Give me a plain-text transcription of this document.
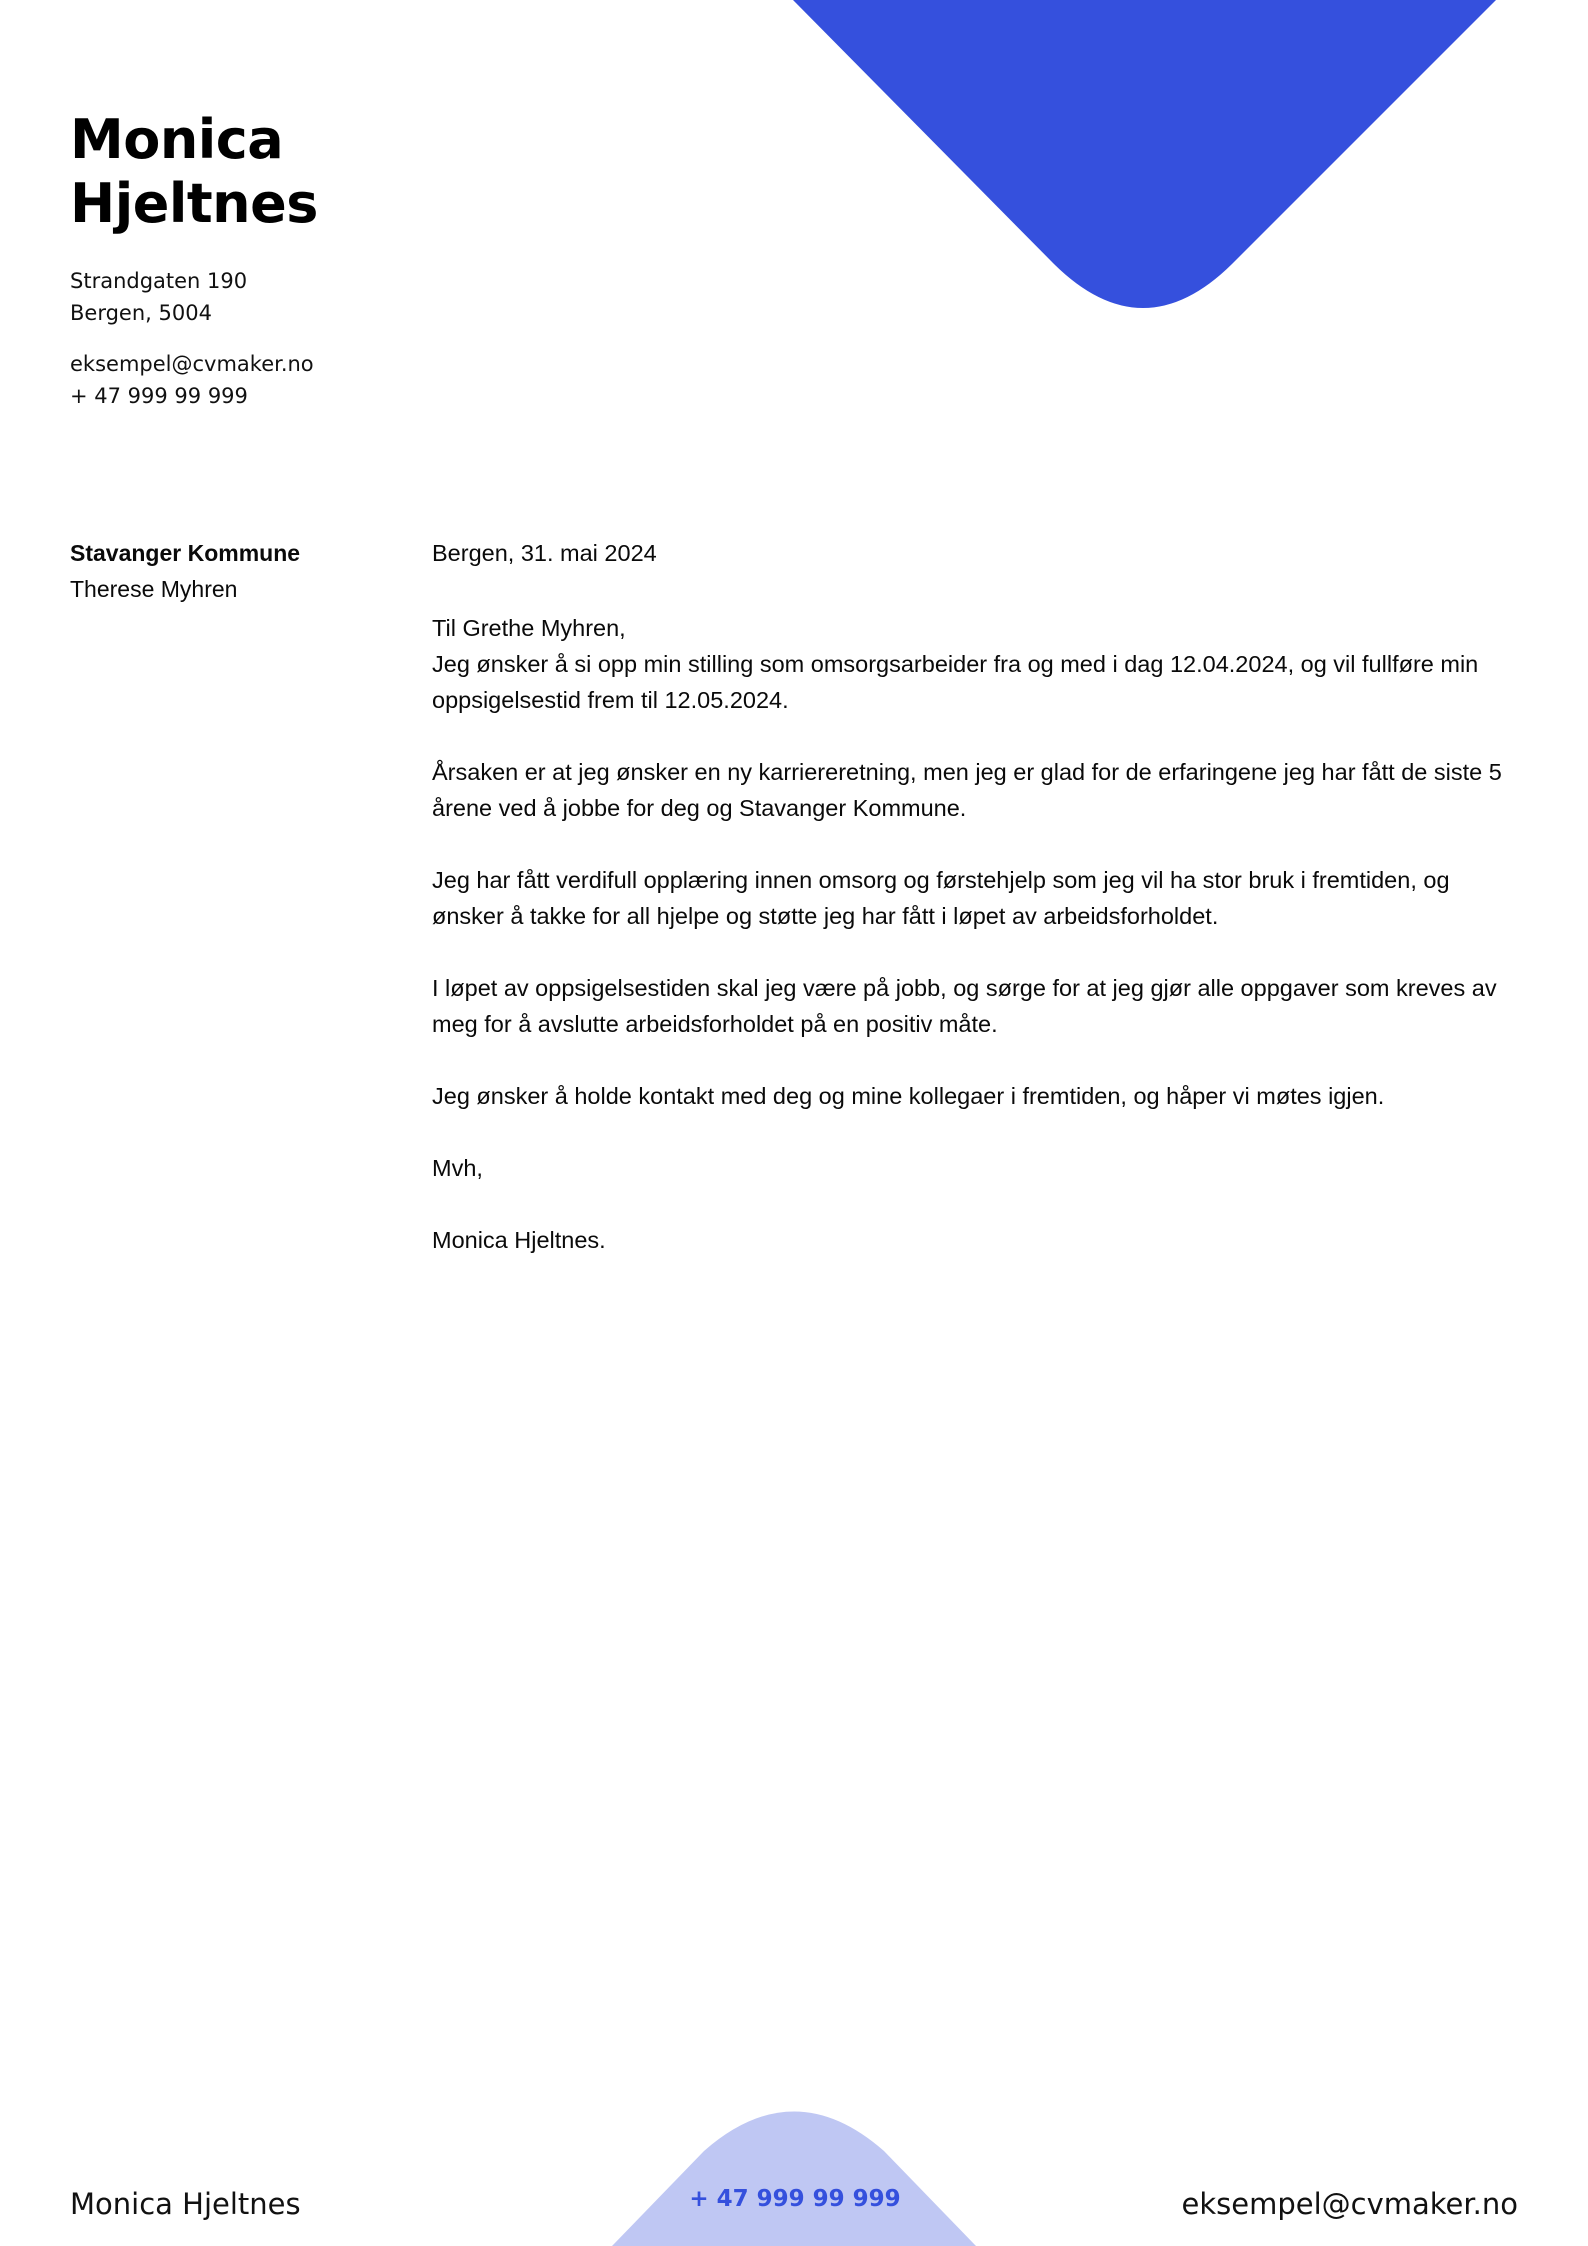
Monica
Hjeltnes
Strandgaten 190
Bergen, 5004
eksempel@cvmaker.no
+ 47 999 99 999
Stavanger Kommune
Therese Myhren

Bergen, 31. mai 2024

Til Grethe Myhren,

Jeg ønsker å si opp min stilling som omsorgsarbeider fra og med i dag 12.04.2024, og vil fullføre min oppsigelsestid frem til 12.05.2024.

Årsaken er at jeg ønsker en ny karriereretning, men jeg er glad for de erfaringene jeg har fått de siste 5 årene ved å jobbe for deg og Stavanger Kommune.

Jeg har fått verdifull opplæring innen omsorg og førstehjelp som jeg vil ha stor bruk i fremtiden, og ønsker å takke for all hjelpe og støtte jeg har fått i løpet av arbeidsforholdet.

I løpet av oppsigelsestiden skal jeg være på jobb, og sørge for at jeg gjør alle oppgaver som kreves av meg for å avslutte arbeidsforholdet på en positiv måte.

Jeg ønsker å holde kontakt med deg og mine kollegaer i fremtiden, og håper vi møtes igjen.

Mvh,

Monica Hjeltnes.

Monica Hjeltnes	+ 47 999 99 999	eksempel@cvmaker.no
